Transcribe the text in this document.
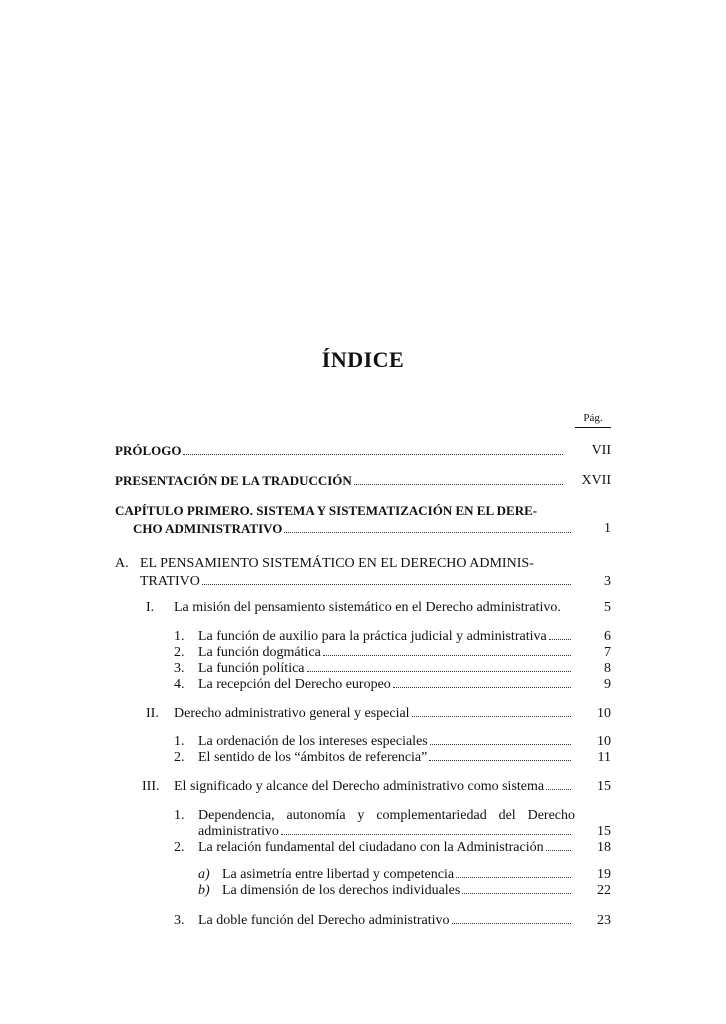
ÍNDICE
Pág.
PRÓLOGO	VII
PRESENTACIÓN DE LA TRADUCCIÓN	XVII
CAPÍTULO PRIMERO. SISTEMA Y SISTEMATIZACIÓN EN EL DERE-
CHO ADMINISTRATIVO	1
A. EL PENSAMIENTO SISTEMÁTICO EN EL DERECHO ADMINIS-
TRATIVO	3
I. La misión del pensamiento sistemático en el Derecho administrativo.	5
1. La función de auxilio para la práctica judicial y administrativa	6
2. La función dogmática	7
3. La función política	8
4. La recepción del Derecho europeo	9
II. Derecho administrativo general y especial	10
1. La ordenación de los intereses especiales	10
2. El sentido de los “ámbitos de referencia”	11
III. El significado y alcance del Derecho administrativo como sistema	15
1. Dependencia, autonomía y complementariedad del Derecho
administrativo	15
2. La relación fundamental del ciudadano con la Administración	18
a) La asimetría entre libertad y competencia	19
b) La dimensión de los derechos individuales	22
3. La doble función del Derecho administrativo	23
